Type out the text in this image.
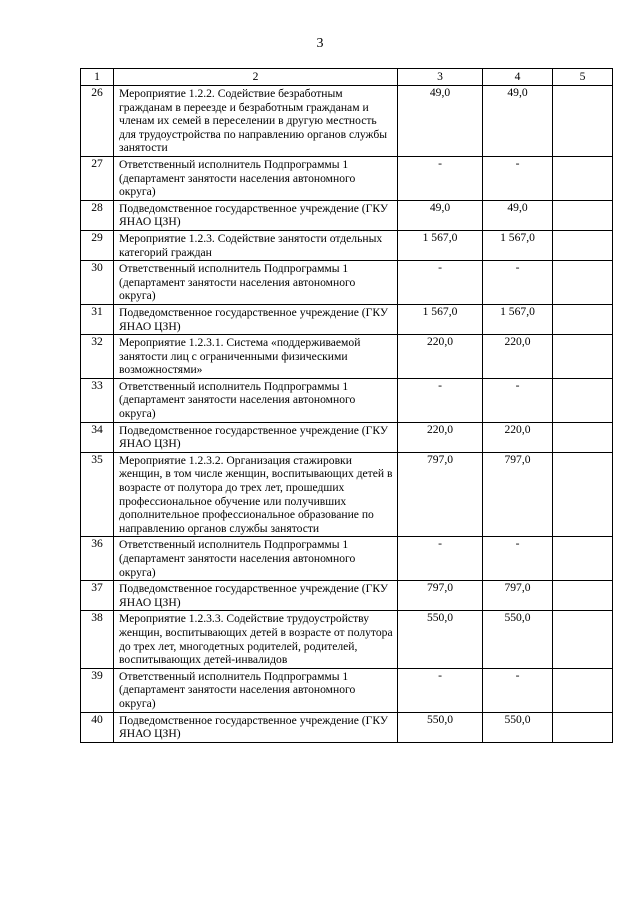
3
1	2	3	4	5
26	Мероприятие 1.2.2. Содействие безработным гражданам в переезде и безработным гражданам и членам их семей в переселении в другую местность для трудоустройства по направлению органов службы занятости	49,0	49,0	
27	Ответственный исполнитель Подпрограммы 1 (департамент занятости населения автономного округа)	-	-	
28	Подведомственное государственное учреждение (ГКУ ЯНАО ЦЗН)	49,0	49,0	
29	Мероприятие 1.2.3. Содействие занятости отдельных категорий граждан	1 567,0	1 567,0	
30	Ответственный исполнитель Подпрограммы 1 (департамент занятости населения автономного округа)	-	-	
31	Подведомственное государственное учреждение (ГКУ ЯНАО ЦЗН)	1 567,0	1 567,0	
32	Мероприятие 1.2.3.1. Система «поддерживаемой занятости лиц с ограниченными физическими возможностями»	220,0	220,0	
33	Ответственный исполнитель Подпрограммы 1 (департамент занятости населения автономного округа)	-	-	
34	Подведомственное государственное учреждение (ГКУ ЯНАО ЦЗН)	220,0	220,0	
35	Мероприятие 1.2.3.2. Организация стажировки женщин, в том числе женщин, воспитывающих детей в возрасте от полутора до трех лет, прошедших профессиональное обучение или получивших дополнительное профессиональное образование по направлению органов службы занятости	797,0	797,0	
36	Ответственный исполнитель Подпрограммы 1 (департамент занятости населения автономного округа)	-	-	
37	Подведомственное государственное учреждение (ГКУ ЯНАО ЦЗН)	797,0	797,0	
38	Мероприятие 1.2.3.3. Содействие трудоустройству женщин, воспитывающих детей в возрасте от полутора до трех лет, многодетных родителей, родителей, воспитывающих детей-инвалидов	550,0	550,0	
39	Ответственный исполнитель Подпрограммы 1 (департамент занятости населения автономного округа)	-	-	
40	Подведомственное государственное учреждение (ГКУ ЯНАО ЦЗН)	550,0	550,0	
